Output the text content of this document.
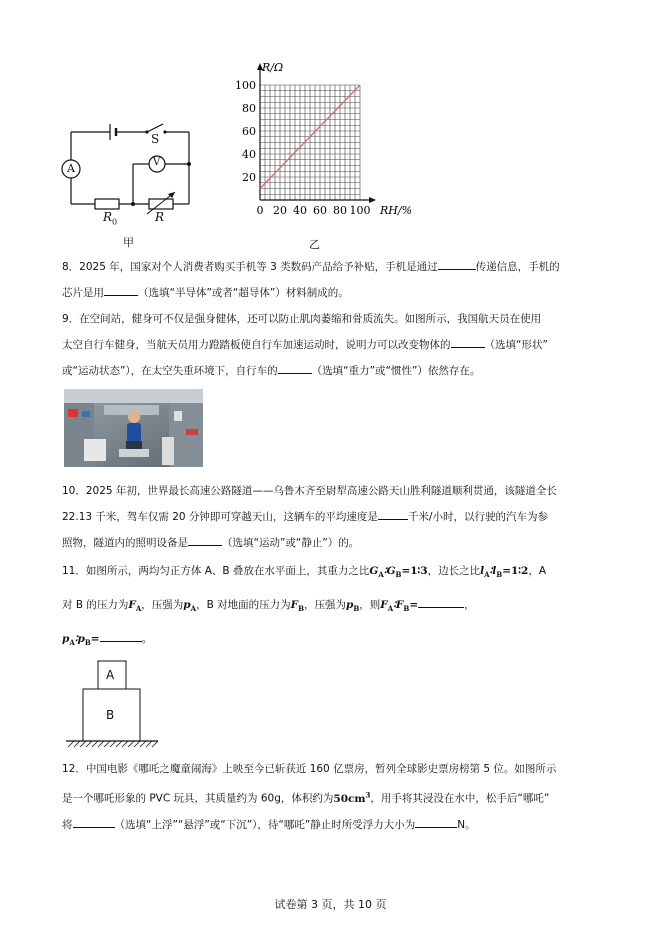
S
A	V
$R_0$	R
甲
0 20 40 60 80 100
20
40
60
80
100
R/Ω
RH/%
乙
8．2025 年，国家对个人消费者购买手机等 3 类数码产品给予补贴，手机是通过	传递信息，手机的
芯片是用	（选填“半导体”或者“超导体”）材料制成的。
9．在空间站，健身可不仅是强身健体，还可以防止肌肉萎缩和骨质流失。如图所示，我国航天员在使用
太空自行车健身，当航天员用力蹬踏板使自行车加速运动时，说明力可以改变物体的	（选填“形状”
或“运动状态”），在太空失重环境下，自行车的	（选填“重力”或“惯性”）依然存在。
10．2025 年初，世界最长高速公路隧道——乌鲁木齐至尉犁高速公路天山胜利隧道顺利贯通，该隧道全长
22.13 千米，驾车仅需 20 分钟即可穿越天山，这辆车的平均速度是	千米/小时，以行驶的汽车为参
照物，隧道内的照明设备是	（选填“运动”或“静止”）的。
11．如图所示，两均匀正方体 A、B 叠放在水平面上，其重力之比$G_A∶G_B=1∶3$，边长之比$l_A∶l_B=1∶2$，A
对 B 的压力为$F_A$，压强为$p_A$，B 对地面的压力为$F_B$，压强为$p_B$，则$F_A∶F_B=$	，
$p_A∶p_B=$	。
A
B
12．中国电影《哪吒之魔童闹海》上映至今已斩获近 160 亿票房，暂列全球影史票房榜第 5 位。如图所示
是一个哪吒形象的 PVC 玩具，其质量约为 60g，体积约为$50cm^3$，用手将其浸没在水中，松手后“哪吒”
将	（选填“上浮”“悬浮”或“下沉”），待“哪吒”静止时所受浮力大小为	N。
试卷第 3 页，共 10 页
